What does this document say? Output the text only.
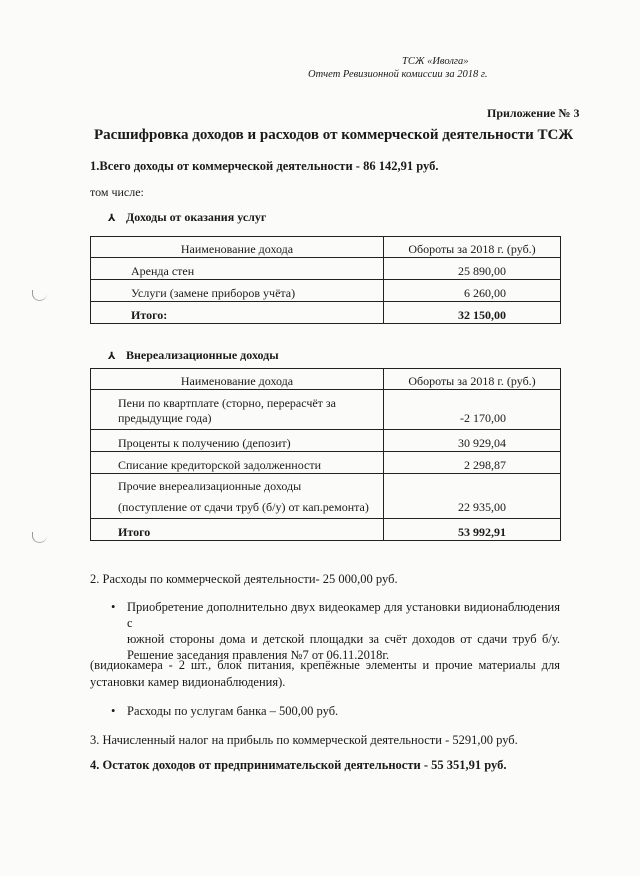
ТСЖ «Иволга»
Отчет Ревизионной комиссии за 2018 г.
Приложение № 3
Расшифровка доходов и расходов от коммерческой деятельности ТСЖ
1.Всего доходы от коммерческой деятельности - 86 142,91 руб.
том числе:
⅄ Доходы от оказания услуг
Наименование дохода	Обороты за 2018 г. (руб.)
Аренда стен	25 890,00
Услуги (замене приборов учёта)	6 260,00
Итого:	32 150,00
⅄ Внереализационные доходы
Наименование дохода	Обороты за 2018 г. (руб.)

Пени по квартплате (сторно, перерасчёт за
предыдущие года)	-2 170,00
Проценты к получению (депозит)	30 929,04
Списание кредиторской задолженности	2 298,87

Прочие внереализационные доходы
(поступление от сдачи труб (б/у) от кап.ремонта)	22 935,00
Итого	53 992,91
2. Расходы по коммерческой деятельности- 25 000,00 руб.
• Приобретение дополнительно двух видеокамер для установки видионаблюдения с
южной стороны дома и детской площадки за счёт доходов от сдачи труб б/у.
Решение заседания правления №7 от 06.11.2018г.
(видиокамера - 2 шт., блок питания, крепёжные элементы и прочие материалы для
установки камер видионаблюдения).
• Расходы по услугам банка – 500,00 руб.
3. Начисленный налог на прибыль по коммерческой деятельности - 5291,00 руб.
4. Остаток доходов от предпринимательской деятельности - 55 351,91 руб.
